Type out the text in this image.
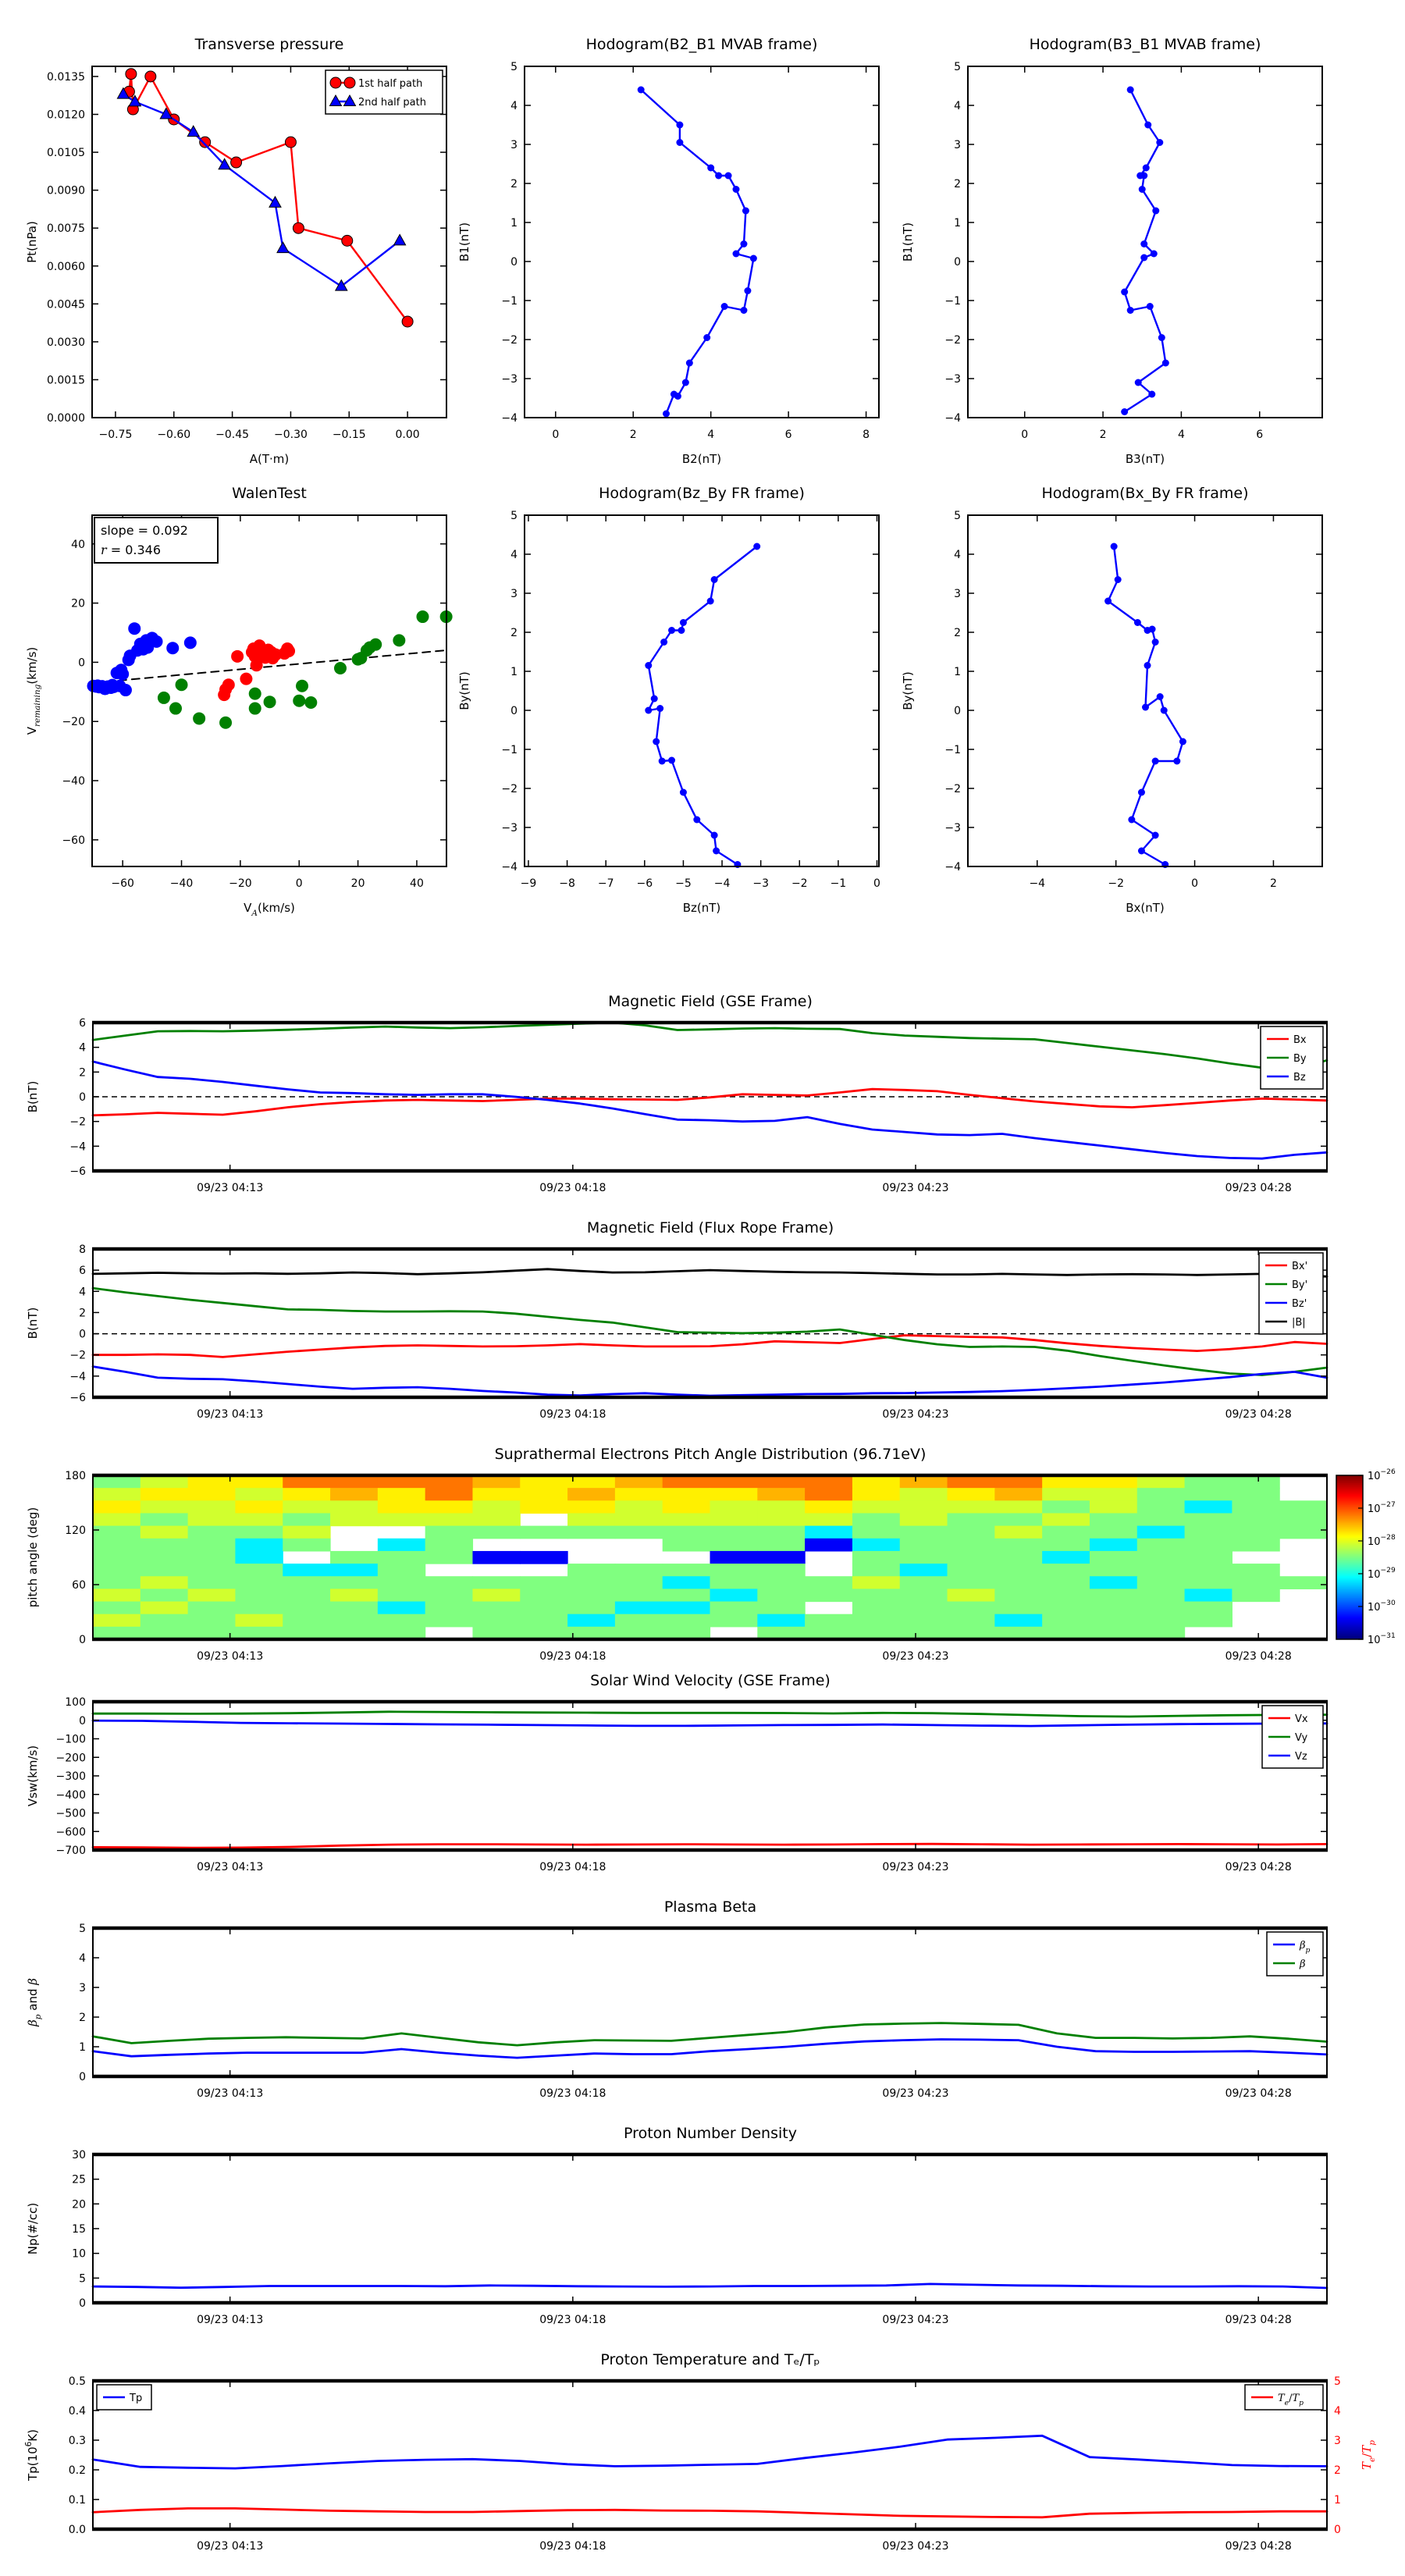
−0.75 −0.60 −0.45 −0.30 −0.15	0.00
0.0000
0.0015
0.0030
0.0045
0.0060
0.0075
0.0090
0.0105
0.0120
0.0135
A(T·m)
Pt(nPa)
1st half path
2nd half path
0	2	4	6	8
−4
−3
−2
−1
0
1
2
3
4
5
B2(nT)
B1(nT)
0	2	4	6
−4
−3
−2
−1
0
1
2
3
4
5
B3(nT)
B1(nT)
−60	−40	−20	0	20	40
−60
−40
−20
0
20
40
$V_A(km/s)$
$V_{remaining}(km/s)$
slope = 0.092
r = 0.346
−9 −8 −7 −6 −5 −4 −3 −2 −1 0
−4
−3
−2
−1
0
1
2
3
4
5
Bz(nT)
By(nT)
−4	−2	0	2
−4
−3
−2
−1
0
1
2
3
4
5
Bx(nT)
By(nT)
09/23 04:13	09/23 04:18	09/23 04:23	09/23 04:28
−6
−4
−2
0
2
4
6
B(nT)
Bx
By
Bz
09/23 04:13	09/23 04:18	09/23 04:23	09/23 04:28
−6
−4
−2
0
2
4
6
8
B(nT)
Bx'
By'
Bz'
|B|
09/23 04:13	09/23 04:18	09/23 04:23	09/23 04:28
0
60
120
180
pitch angle (deg)
$10^{-26}$
$10^{-27}$
$10^{-28}$
$10^{-29}$
$10^{-30}$
$10^{-31}$
09/23 04:13	09/23 04:18	09/23 04:23	09/23 04:28
100
0
−100
−200
−300
−400
−500
−600
−700
Vsw(km/s)
Vx
Vy
Vz
09/23 04:13	09/23 04:18	09/23 04:23	09/23 04:28
0
1
2
3
4
5
$\beta_p$ and β
$\beta_p$
β
09/23 04:13	09/23 04:18	09/23 04:23	09/23 04:28
0
5
10
15
20
25
30
Np(#/cc)
09/23 04:13	09/23 04:18	09/23 04:23	09/23 04:28
0.0
0.1
0.2
0.3
0.4
0.5
0
1
2
3
4
5
$T_e/T_p$
$Tp(10^6K)$
Tp	$T_e/T_p$
Transverse pressure	Hodogram(B2_B1 MVAB frame)	Hodogram(B3_B1 MVAB frame)
WalenTest	Hodogram(Bz_By FR frame)	Hodogram(Bx_By FR frame)
Magnetic Field (GSE Frame)
Magnetic Field (Flux Rope Frame)
Suprathermal Electrons Pitch Angle Distribution (96.71eV)
Solar Wind Velocity (GSE Frame)
Plasma Beta
Proton Number Density
Proton Temperature and Tₑ/Tₚ
